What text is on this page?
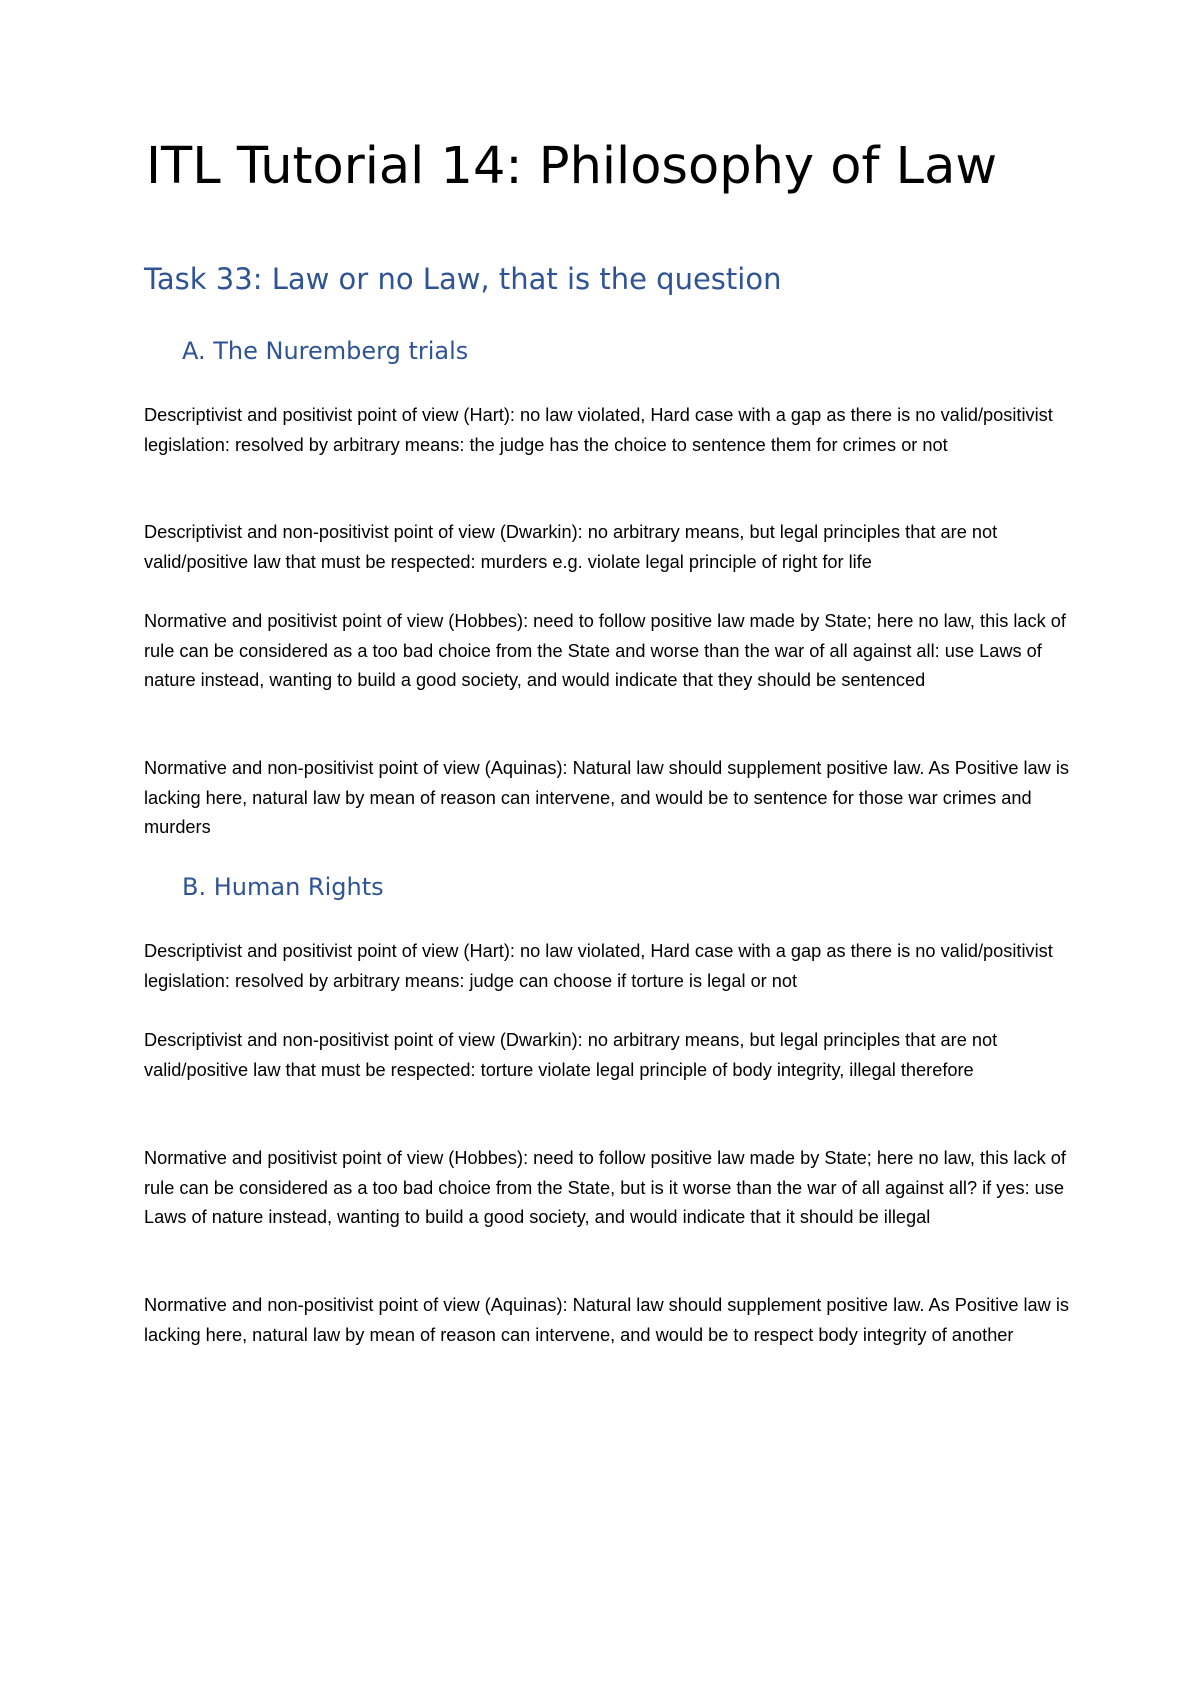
ITL Tutorial 14: Philosophy of Law
Task 33: Law or no Law, that is the question
A. The Nuremberg trials

Descriptivist and positivist point of view (Hart): no law violated, Hard case with a gap as there is no valid/positivist legislation: resolved by arbitrary means: the judge has the choice to sentence them for crimes or not

Descriptivist and non-positivist point of view (Dwarkin): no arbitrary means, but legal principles that are not valid/positive law that must be respected: murders e.g. violate legal principle of right for life

Normative and positivist point of view (Hobbes): need to follow positive law made by State; here no law, this lack of rule can be considered as a too bad choice from the State and worse than the war of all against all: use Laws of nature instead, wanting to build a good society, and would indicate that they should be sentenced

Normative and non-positivist point of view (Aquinas): Natural law should supplement positive law. As Positive law is lacking here, natural law by mean of reason can intervene, and would be to sentence for those war crimes and murders

B. Human Rights

Descriptivist and positivist point of view (Hart): no law violated, Hard case with a gap as there is no valid/positivist legislation: resolved by arbitrary means: judge can choose if torture is legal or not

Descriptivist and non-positivist point of view (Dwarkin): no arbitrary means, but legal principles that are not valid/positive law that must be respected: torture violate legal principle of body integrity, illegal therefore

Normative and positivist point of view (Hobbes): need to follow positive law made by State; here no law, this lack of rule can be considered as a too bad choice from the State, but is it worse than the war of all against all? if yes: use Laws of nature instead, wanting to build a good society, and would indicate that it should be illegal

Normative and non-positivist point of view (Aquinas): Natural law should supplement positive law. As Positive law is lacking here, natural law by mean of reason can intervene, and would be to respect body integrity of another
